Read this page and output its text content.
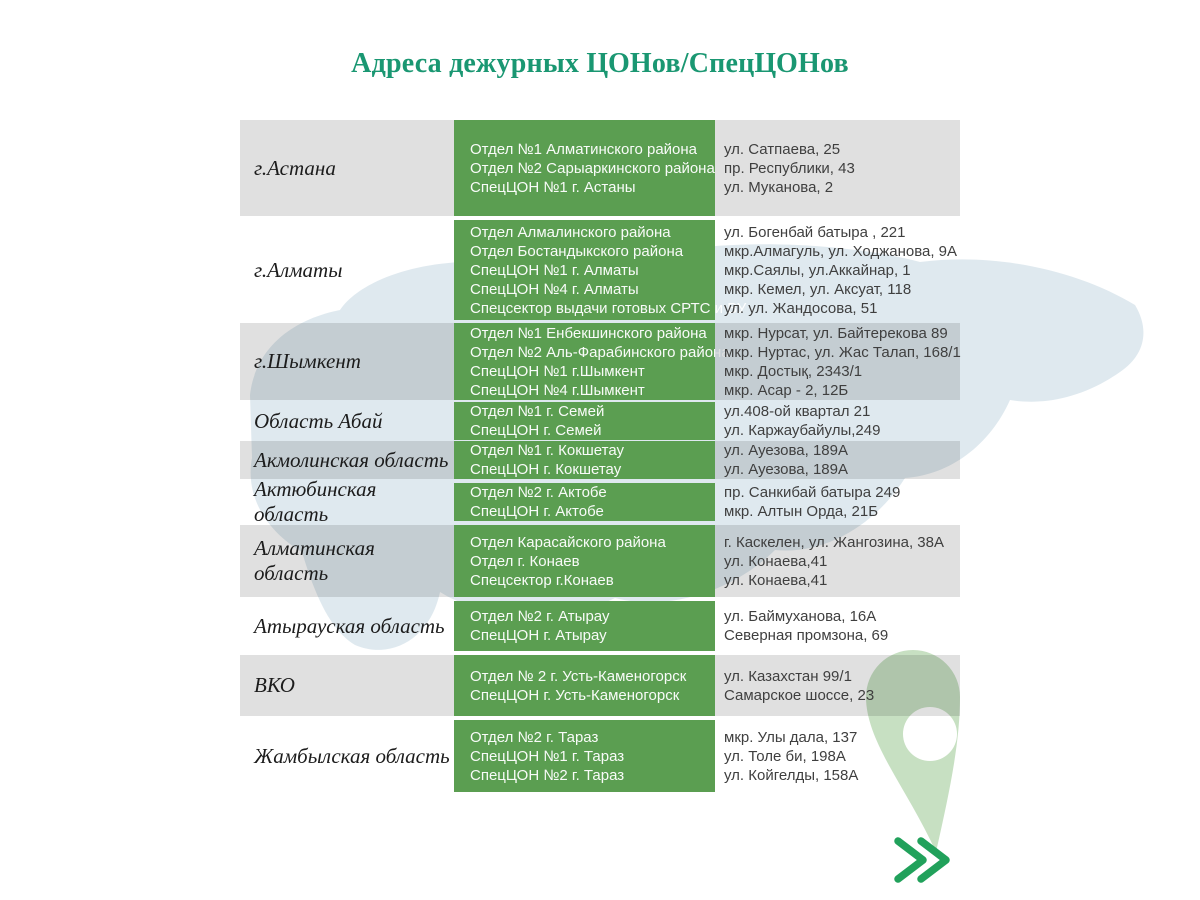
Адреса дежурных ЦОНов/СпецЦОНов
г.Астана
Отдел №1 Алматинского района
Отдел №2 Сарыаркинского района
СпецЦОН №1 г. Астаны
ул. Сатпаева, 25
пр. Республики, 43
ул. Муканова, 2
г.Алматы
Отдел Алмалинского района
Отдел Бостандыкского района
СпецЦОН №1 г. Алматы
СпецЦОН №4 г. Алматы
Спецсектор выдачи готовых СРТС и ВУ
ул. Богенбай батыра , 221
мкр.Алмагуль, ул. Ходжанова, 9А
мкр.Саялы, ул.Аккайнар, 1
мкр. Кемел, ул. Аксуат, 118
ул. ул. Жандосова, 51
г.Шымкент
Отдел №1 Енбекшинского района
Отдел №2 Аль-Фарабинского района
СпецЦОН №1 г.Шымкент
СпецЦОН №4 г.Шымкент
мкр. Нурсат, ул. Байтерекова 89
мкр. Нуртас, ул. Жас Талап, 168/1
мкр. Достық, 2343/1
мкр. Асар - 2, 12Б
Область Абай	Отдел №1 г. Семей
СпецЦОН г. Семей
ул.408-ой квартал 21
ул. Каржаубайулы,249
Акмолинская область Отдел №1 г. Кокшетау
СпецЦОН г. Кокшетау
ул. Ауезова, 189А
ул. Ауезова, 189А
Актюбинская область
Отдел №2 г. Актобе
СпецЦОН г. Актобе
пр. Санкибай батыра 249
мкр. Алтын Орда, 21Б
Алматинская область
Отдел Карасайского района
Отдел г. Конаев
Спецсектор г.Конаев
г. Каскелен, ул. Жангозина, 38А
ул. Конаева,41
ул. Конаева,41
Атырауская область Отдел №2 г. Атырау
СпецЦОН г. Атырау
ул. Баймуханова, 16А
Северная промзона, 69
ВКО	Отдел № 2 г. Усть-Каменогорск
СпецЦОН г. Усть-Каменогорск
ул. Казахстан 99/1
Самарское шоссе, 23
Жамбылская область
Отдел №2 г. Тараз
СпецЦОН №1 г. Тараз
СпецЦОН №2 г. Тараз
мкр. Улы дала, 137
ул. Толе би, 198А
ул. Койгелды, 158А
